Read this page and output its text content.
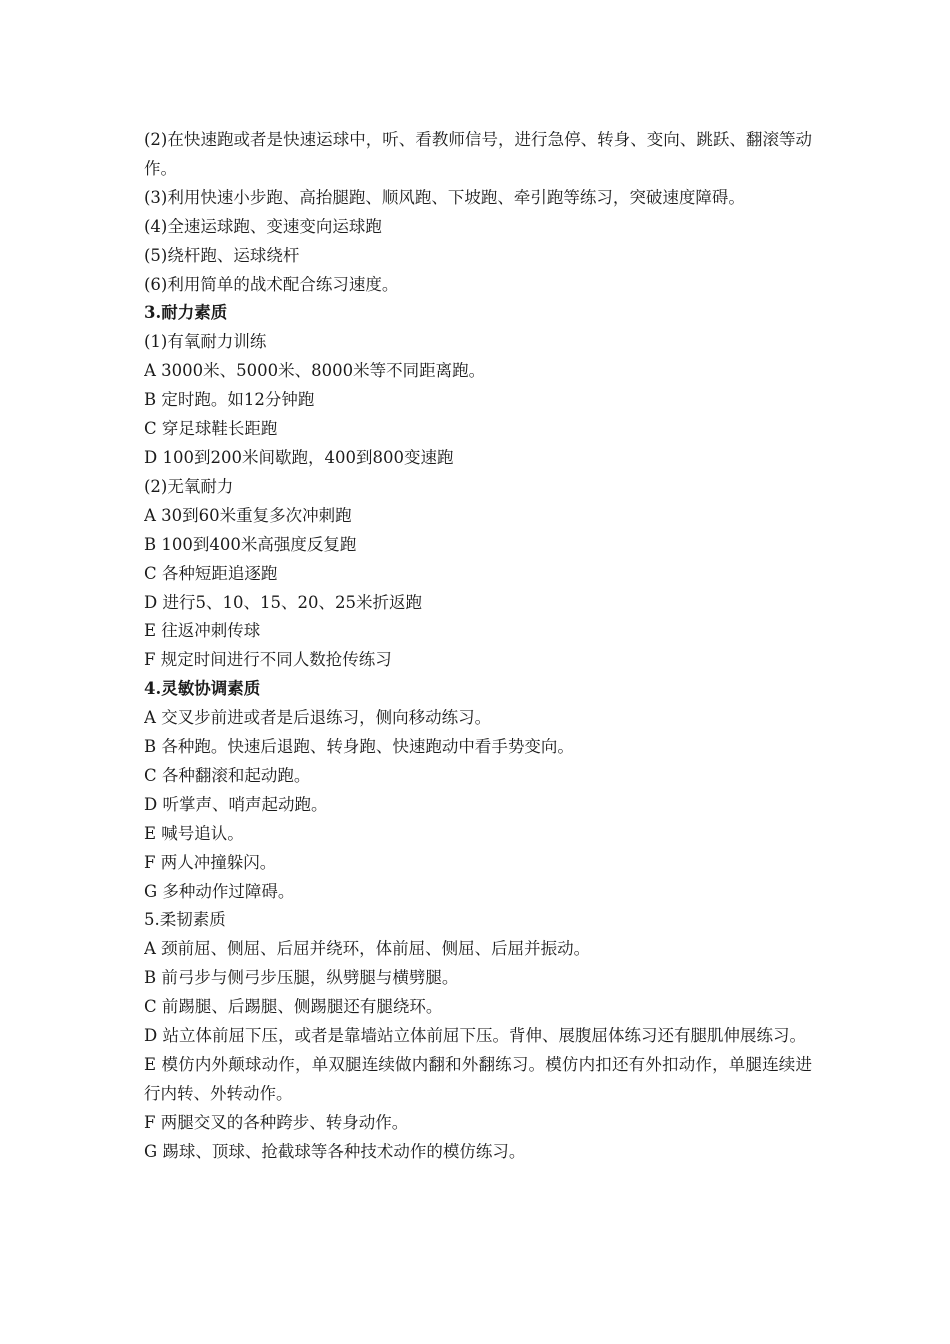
(2)在快速跑或者是快速运球中，听、看教师信号，进行急停、转身、变向、跳跃、翻滚等动作。
(3)利用快速小步跑、高抬腿跑、顺风跑、下坡跑、牵引跑等练习，突破速度障碍。
(4)全速运球跑、变速变向运球跑
(5)绕杆跑、运球绕杆
(6)利用简单的战术配合练习速度。
3.耐力素质
(1)有氧耐力训练
A 3000米、5000米、8000米等不同距离跑。
B 定时跑。如12分钟跑
C 穿足球鞋长距跑
D 100到200米间歇跑，400到800变速跑
(2)无氧耐力
A 30到60米重复多次冲刺跑
B 100到400米高强度反复跑
C 各种短距追逐跑
D 进行5、10、15、20、25米折返跑
E 往返冲刺传球
F 规定时间进行不同人数抢传练习
4.灵敏协调素质
A 交叉步前进或者是后退练习，侧向移动练习。
B 各种跑。快速后退跑、转身跑、快速跑动中看手势变向。
C 各种翻滚和起动跑。
D 听掌声、哨声起动跑。
E 喊号追认。
F 两人冲撞躲闪。
G 多种动作过障碍。
5.柔韧素质
A 颈前屈、侧屈、后屈并绕环，体前屈、侧屈、后屈并振动。
B 前弓步与侧弓步压腿，纵劈腿与横劈腿。
C 前踢腿、后踢腿、侧踢腿还有腿绕环。
D 站立体前屈下压，或者是靠墙站立体前屈下压。背伸、展腹屈体练习还有腿肌伸展练习。
E 模仿内外颠球动作，单双腿连续做内翻和外翻练习。模仿内扣还有外扣动作，单腿连续进行内转、外转动作。
F 两腿交叉的各种跨步、转身动作。
G 踢球、顶球、抢截球等各种技术动作的模仿练习。
